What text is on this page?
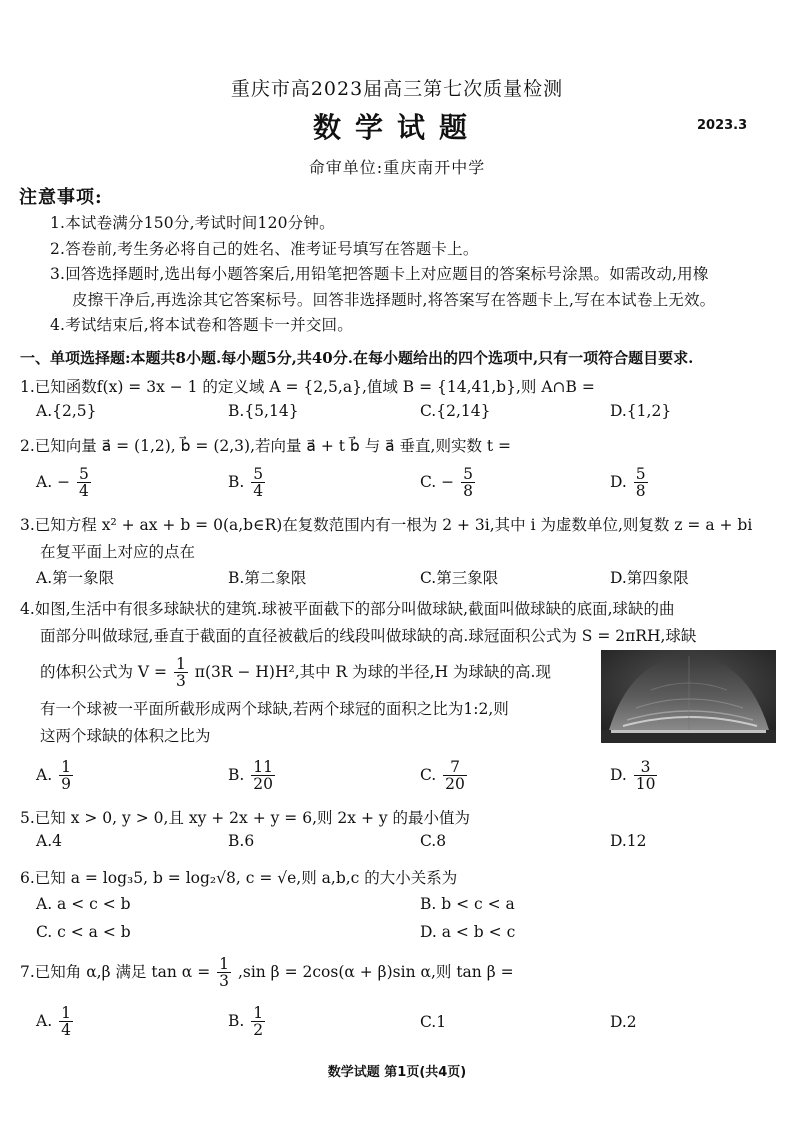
重庆市高2023届高三第七次质量检测
数学试题	2023.3
命审单位:重庆南开中学
注意事项:
1.本试卷满分150分,考试时间120分钟。
2.答卷前,考生务必将自己的姓名、准考证号填写在答题卡上。
3.回答选择题时,选出每小题答案后,用铅笔把答题卡上对应题目的答案标号涂黑。如需改动,用橡
皮擦干净后,再选涂其它答案标号。回答非选择题时,将答案写在答题卡上,写在本试卷上无效。
4.考试结束后,将本试卷和答题卡一并交回。
一、单项选择题:本题共8小题.每小题5分,共40分.在每小题给出的四个选项中,只有一项符合题目要求.
1.已知函数f(x) = 3x − 1 的定义域 A = {2,5,a},值域 B = {14,41,b},则 A∩B =
A.{2,5}	B.{5,14}	C.{2,14}	D.{1,2}
2.已知向量 a⃗ = (1,2), b⃗ = (2,3),若向量 a⃗ + t b⃗ 与 a⃗ 垂直,则实数 t =
A. − $\frac{5}{4}$	B. $\frac{5}{4}$	C. − $\frac{5}{8}$	D. $\frac{5}{8}$
3.已知方程 x² + ax + b = 0(a,b∈R)在复数范围内有一根为 2 + 3i,其中 i 为虚数单位,则复数 z = a + bi
在复平面上对应的点在
A.第一象限	B.第二象限	C.第三象限	D.第四象限
4.如图,生活中有很多球缺状的建筑.球被平面截下的部分叫做球缺,截面叫做球缺的底面,球缺的曲
面部分叫做球冠,垂直于截面的直径被截后的线段叫做球缺的高.球冠面积公式为 S = 2πRH,球缺
的体积公式为 $V = \frac{1}{3} \pi(3R - H)H^2$,其中 R 为球的半径,H 为球缺的高.现
有一个球被一平面所截形成两个球缺,若两个球冠的面积之比为1:2,则
这两个球缺的体积之比为
A. $\frac{1}{9}$	B. $\frac{11}{20}$	C. $\frac{7}{20}$	D. $\frac{3}{10}$
5.已知 x > 0, y > 0,且 xy + 2x + y = 6,则 2x + y 的最小值为
A.4	B.6	C.8	D.12
6.已知 a = log₃5, b = log₂√8, c = √e,则 a,b,c 的大小关系为
A. a < c < b	B. b < c < a
C. c < a < b	D. a < b < c
7.已知角 α,β 满足 $\tan \alpha = \frac{1}{3} ,\sin$ β = 2cos(α + β)sin α,则 tan β =
A. $\frac{1}{4}$	B. $\frac{1}{2}$	C.1	D.2
数学试题 第1页(共4页)
